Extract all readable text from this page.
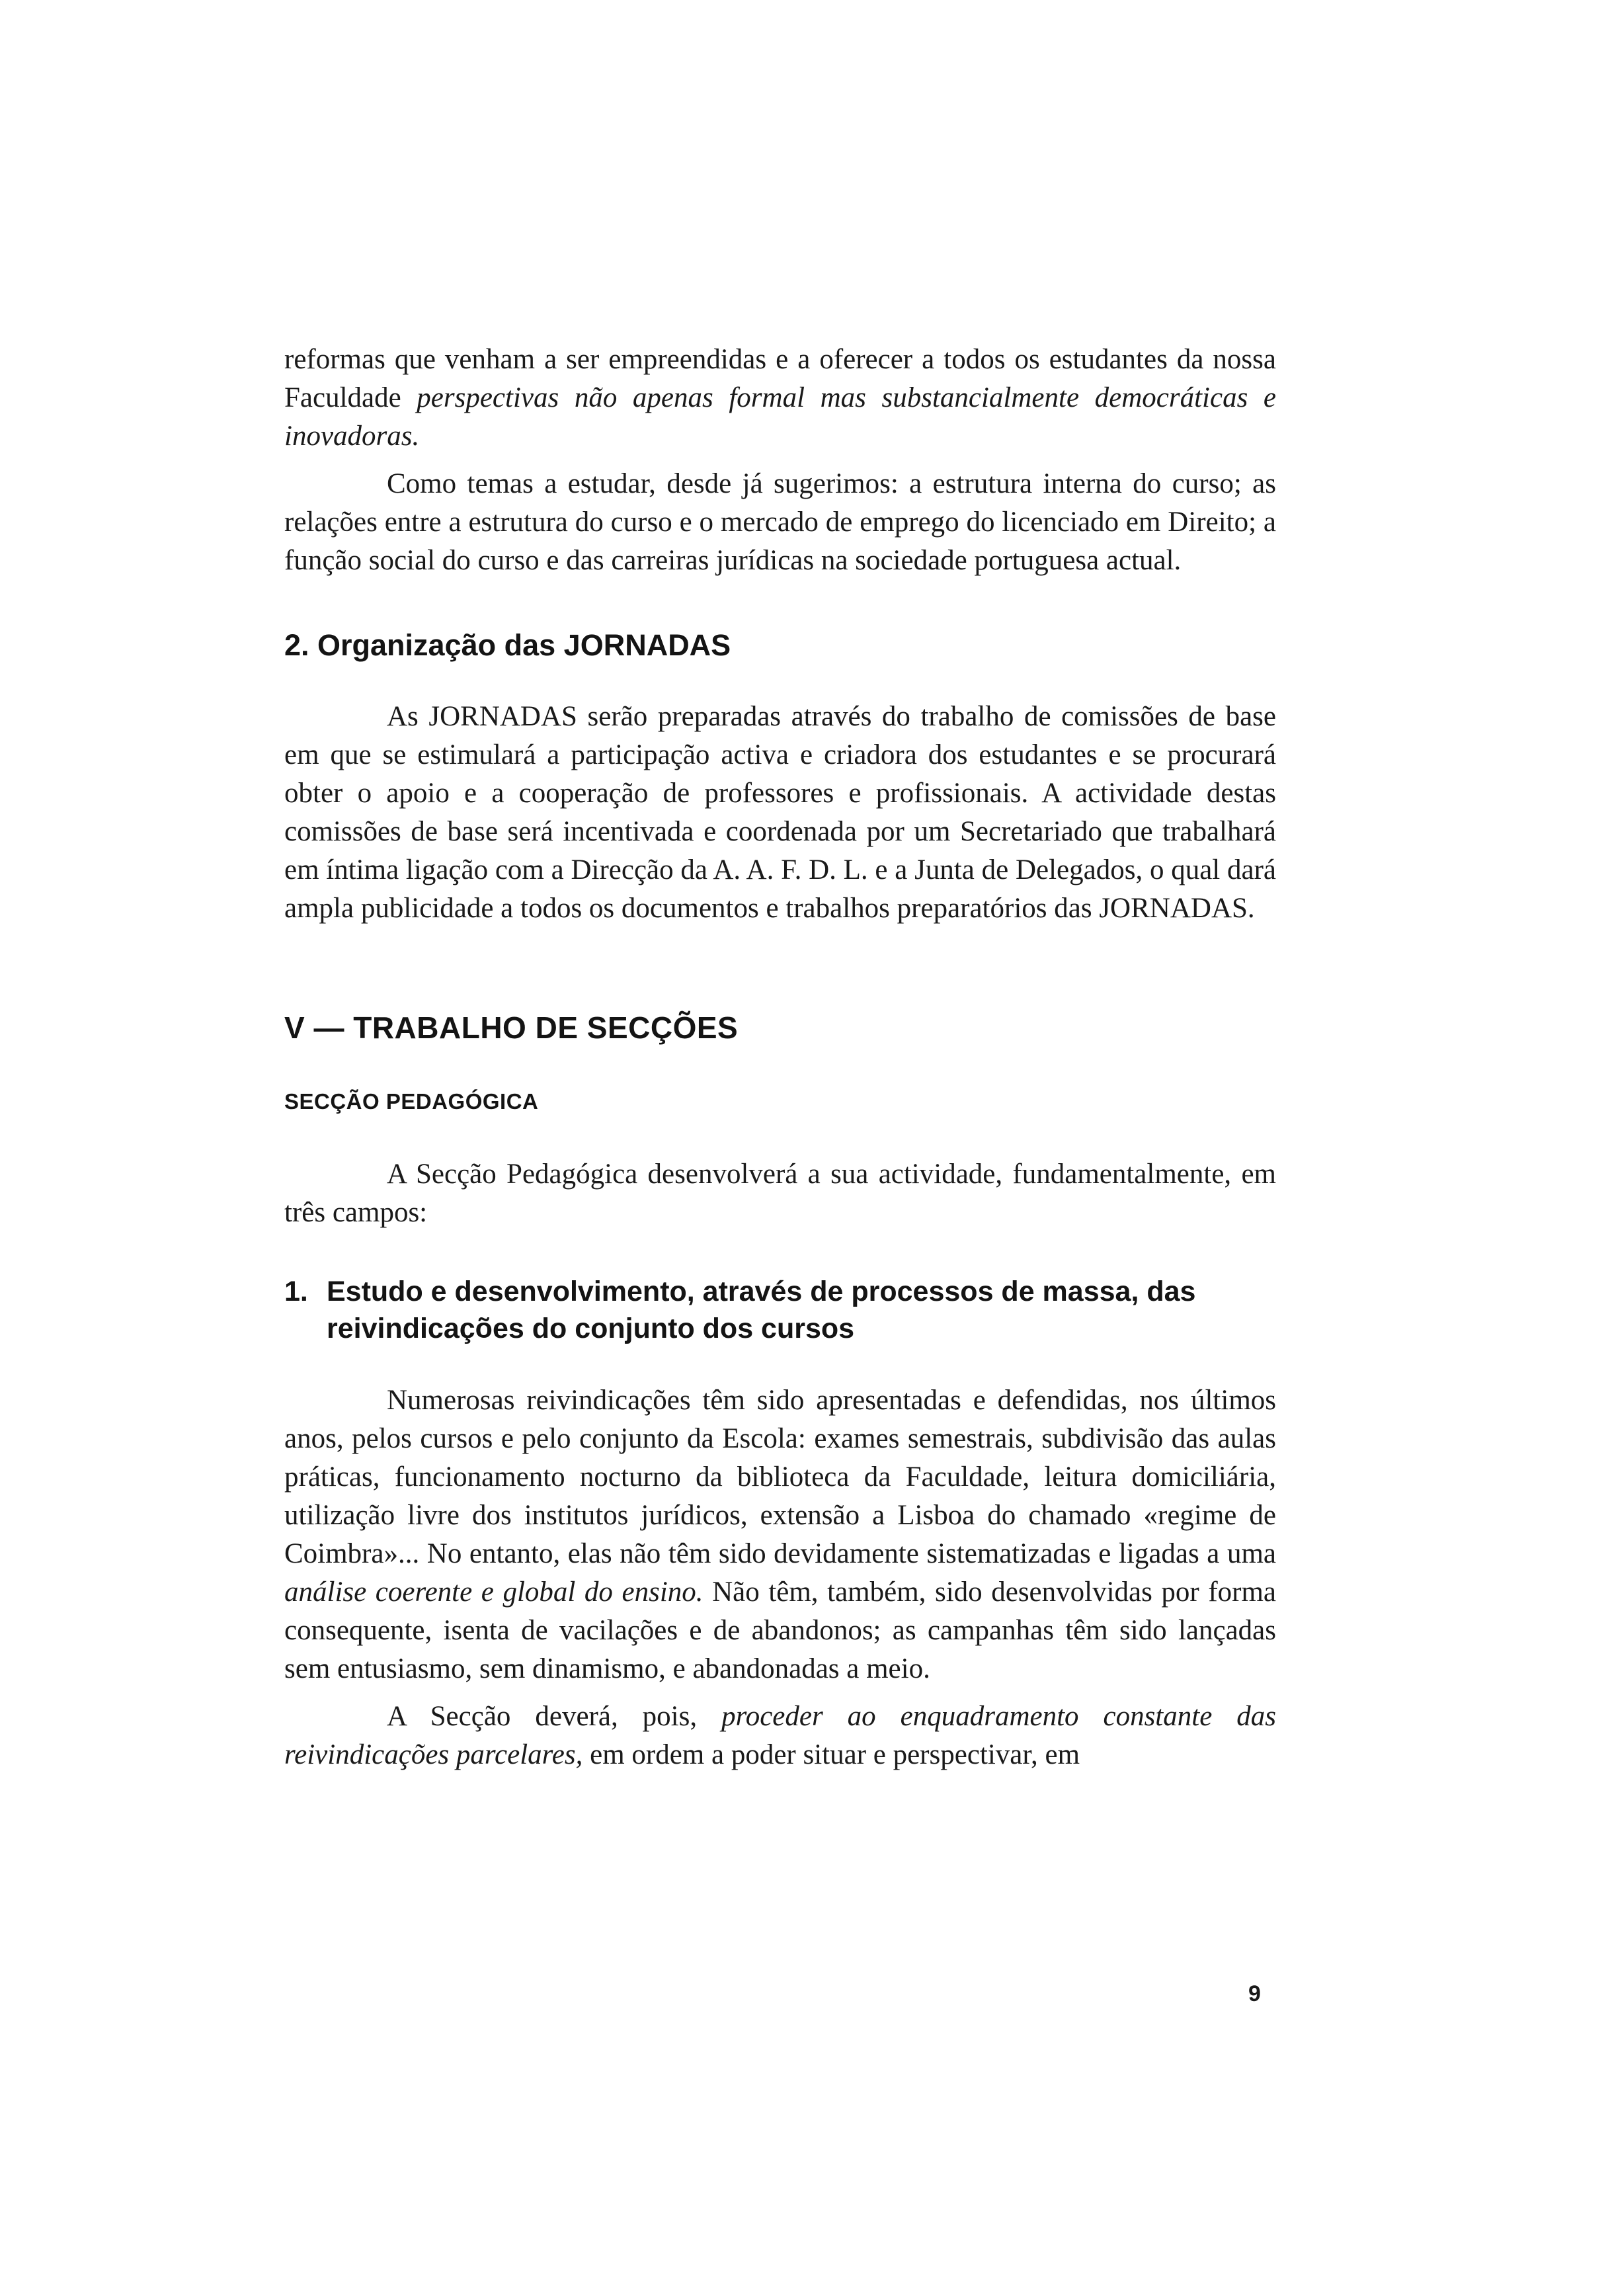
reformas que venham a ser empreendidas e a oferecer a todos os estudantes da nossa Faculdade perspectivas não apenas formal mas substancialmente democráticas e inovadoras.

Como temas a estudar, desde já sugerimos: a estrutura interna do curso; as relações entre a estrutura do curso e o mercado de emprego do licenciado em Direito; a função social do curso e das carreiras jurídicas na sociedade portuguesa actual.

2. Organização das JORNADAS

As JORNADAS serão preparadas através do trabalho de comissões de base em que se estimulará a participação activa e criadora dos estudantes e se procurará obter o apoio e a cooperação de professores e profissionais. A actividade destas comissões de base será incentivada e coordenada por um Secretariado que trabalhará em íntima ligação com a Direcção da A. A. F. D. L. e a Junta de Delegados, o qual dará ampla publicidade a todos os documentos e trabalhos preparatórios das JORNADAS.

V — TRABALHO DE SECÇÕES
SECÇÃO PEDAGÓGICA

A Secção Pedagógica desenvolverá a sua actividade, fundamentalmente, em três campos:

1. Estudo e desenvolvimento, através de processos de massa, das reivindicações do conjunto dos cursos

Numerosas reivindicações têm sido apresentadas e defendidas, nos últimos anos, pelos cursos e pelo conjunto da Escola: exames semestrais, subdivisão das aulas práticas, funcionamento nocturno da biblioteca da Faculdade, leitura domiciliária, utilização livre dos institutos jurídicos, extensão a Lisboa do chamado «regime de Coimbra»... No entanto, elas não têm sido devidamente sistematizadas e ligadas a uma análise coerente e global do ensino. Não têm, também, sido desenvolvidas por forma consequente, isenta de vacilações e de abandonos; as campanhas têm sido lançadas sem entusiasmo, sem dinamismo, e abandonadas a meio.

A Secção deverá, pois, proceder ao enquadramento constante das reivindicações parcelares, em ordem a poder situar e perspectivar, em

9
